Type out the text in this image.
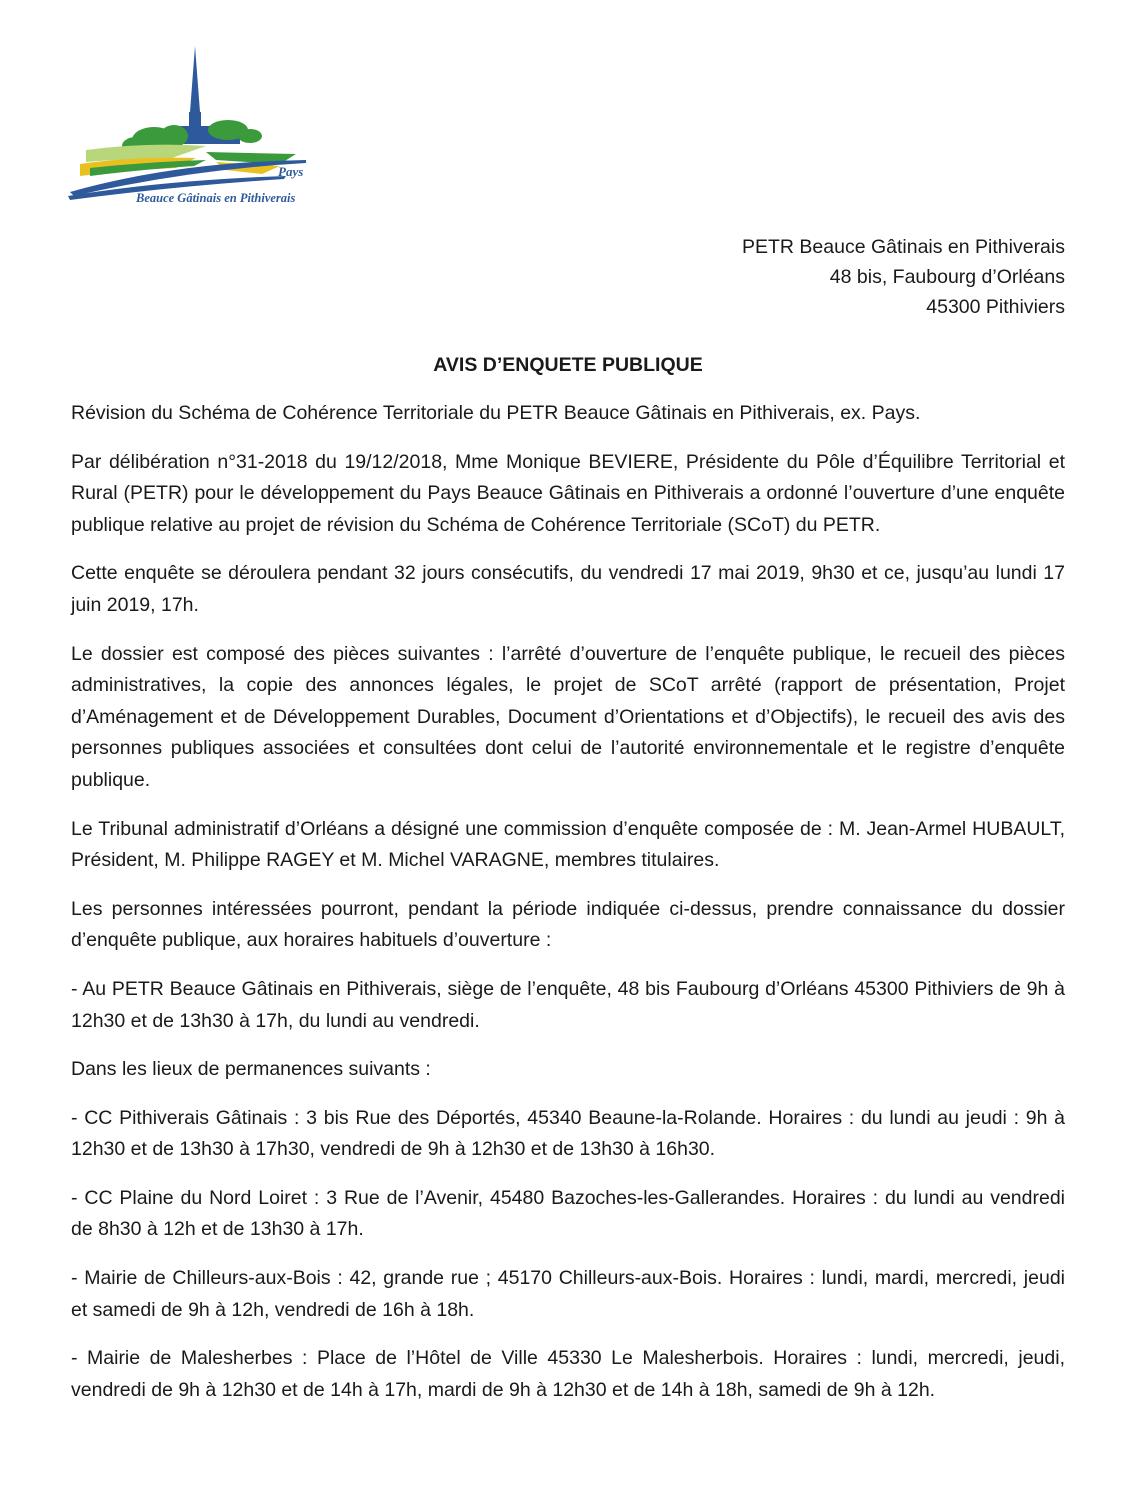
Pays
Beauce Gâtinais en Pithiverais
PETR Beauce Gâtinais en Pithiverais
48 bis, Faubourg d’Orléans
45300 Pithiviers
AVIS D’ENQUETE PUBLIQUE

Révision du Schéma de Cohérence Territoriale du PETR Beauce Gâtinais en Pithiverais, ex. Pays.

Par délibération n°31-2018 du 19/12/2018, Mme Monique BEVIERE, Présidente du Pôle d’Équilibre Territorial et Rural (PETR) pour le développement du Pays Beauce Gâtinais en Pithiverais a ordonné l’ouverture d’une enquête publique relative au projet de révision du Schéma de Cohérence Territoriale (SCoT) du PETR.

Cette enquête se déroulera pendant 32 jours consécutifs, du vendredi 17 mai 2019, 9h30 et ce, jusqu’au lundi 17 juin 2019, 17h.

Le dossier est composé des pièces suivantes : l’arrêté d’ouverture de l’enquête publique, le recueil des pièces administratives, la copie des annonces légales, le projet de SCoT arrêté (rapport de présentation, Projet d’Aménagement et de Développement Durables, Document d’Orientations et d’Objectifs), le recueil des avis des personnes publiques associées et consultées dont celui de l’autorité environnementale et le registre d’enquête publique.

Le Tribunal administratif d’Orléans a désigné une commission d’enquête composée de : M. Jean-Armel HUBAULT, Président, M. Philippe RAGEY et M. Michel VARAGNE, membres titulaires.

Les personnes intéressées pourront, pendant la période indiquée ci-dessus, prendre connaissance du dossier d’enquête publique, aux horaires habituels d’ouverture :

- Au PETR Beauce Gâtinais en Pithiverais, siège de l’enquête, 48 bis Faubourg d’Orléans 45300 Pithiviers de 9h à 12h30 et de 13h30 à 17h, du lundi au vendredi.

Dans les lieux de permanences suivants :

- CC Pithiverais Gâtinais : 3 bis Rue des Déportés, 45340 Beaune-la-Rolande. Horaires : du lundi au jeudi : 9h à 12h30 et de 13h30 à 17h30, vendredi de 9h à 12h30 et de 13h30 à 16h30.

- CC Plaine du Nord Loiret : 3 Rue de l’Avenir, 45480 Bazoches-les-Gallerandes. Horaires : du lundi au vendredi de 8h30 à 12h et de 13h30 à 17h.

- Mairie de Chilleurs-aux-Bois : 42, grande rue ; 45170 Chilleurs-aux-Bois. Horaires : lundi, mardi, mercredi, jeudi et samedi de 9h à 12h, vendredi de 16h à 18h.

- Mairie de Malesherbes : Place de l’Hôtel de Ville 45330 Le Malesherbois. Horaires : lundi, mercredi, jeudi, vendredi de 9h à 12h30 et de 14h à 17h, mardi de 9h à 12h30 et de 14h à 18h, samedi de 9h à 12h.
